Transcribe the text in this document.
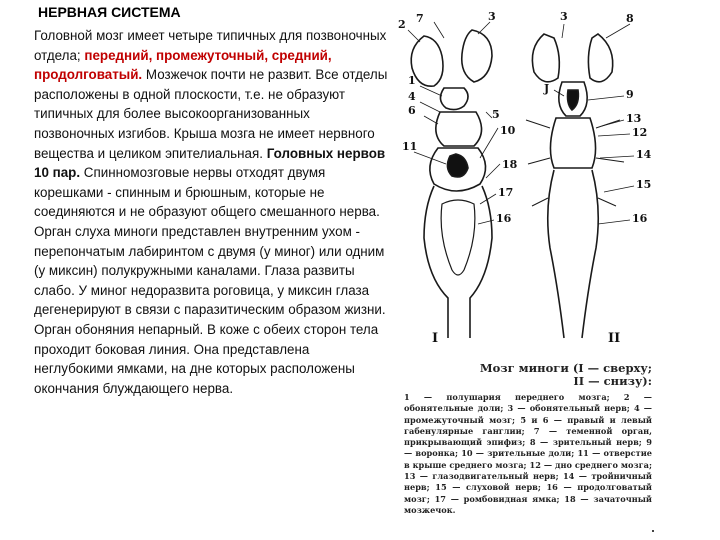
НЕРВНАЯ СИСТЕМА
Головной мозг имеет четыре типичных для позвоночных отдела; передний, промежуточный, средний, продолговатый. Мозжечок почти не развит. Все отделы расположены в одной плоскости, т.е. не образуют типичных для более высокоорганизованных позвоночных изгибов. Крыша мозга не имеет нервного вещества и целиком эпителиальная. Головных нервов 10 пар. Спинномозговые нервы отходят двумя корешками - спинным и брюшным, которые не соединяются и не образуют общего смешанного нерва. Орган слуха миноги представлен внутренним ухом - перепончатым лабиринтом с двумя (у миног) или одним (у миксин) полукружными каналами. Глаза развиты слабо. У миног недоразвита роговица, у миксин глаза дегенерируют в связи с паразитическим образом жизни. Орган обоняния непарный. В коже с обеих сторон тела проходит боковая линия. Она представлена неглубокими ямками, на дне которых расположены окончания блуждающего нерва.
2 7	3
1
4
6
11
5
10
18
17
16
3	8
J	9
13
12
14
15
16
I	II
Мозг миноги (I — сверху;
II — снизу):
1 — полушария переднего мозга; 2 — обонятельные доли; 3 — обонятельный нерв; 4 — промежуточный мозг; 5 и 6 — правый и левый габенулярные ганглии; 7 — теменной орган, прикрывающий эпифиз; 8 — зрительный нерв; 9 — воронка; 10 — зрительные доли; 11 — отверстие в крыше среднего мозга; 12 — дно среднего мозга; 13 — глазодвигательный нерв; 14 — тройничный нерв; 15 — слуховой нерв; 16 — продолговатый мозг; 17 — ромбовидная ямка; 18 — зачаточный мозжечок.
